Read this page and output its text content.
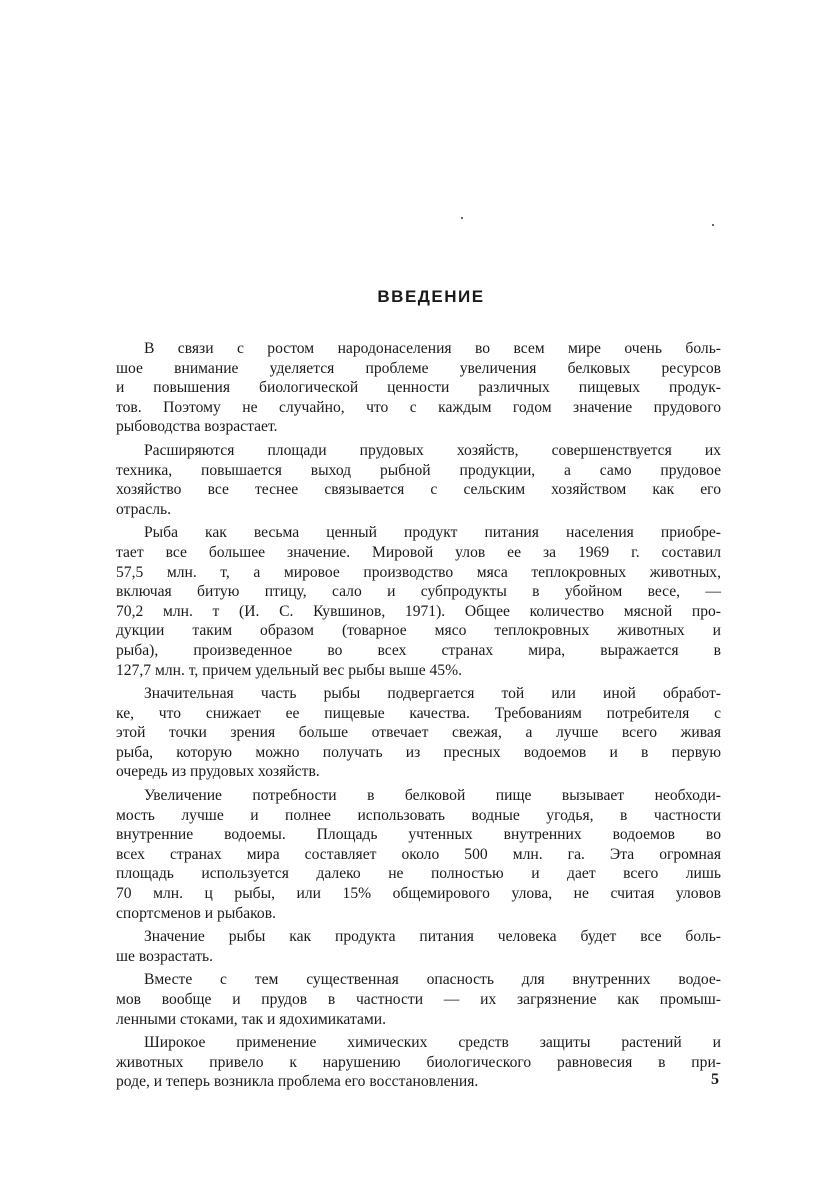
ВВЕДЕНИЕ

В связи с ростом народонаселения во всем мире очень боль-
шое внимание уделяется проблеме увеличения белковых ресурсов
и повышения биологической ценности различных пищевых продук-
тов. Поэтому не случайно, что с каждым годом значение прудового
рыбоводства возрастает.

Расширяются площади прудовых хозяйств, совершенствуется их
техника, повышается выход рыбной продукции, а само прудовое
хозяйство все теснее связывается с сельским хозяйством как его
отрасль.

Рыба как весьма ценный продукт питания населения приобре-
тает все большее значение. Мировой улов ее за 1969 г. составил
57,5 млн. т, а мировое производство мяса теплокровных животных,
включая битую птицу, сало и субпродукты в убойном весе, —
70,2 млн. т (И. С. Кувшинов, 1971). Общее количество мясной про-
дукции таким образом (товарное мясо теплокровных животных и
рыба), произведенное во всех странах мира, выражается в
127,7 млн. т, причем удельный вес рыбы выше 45%.

Значительная часть рыбы подвергается той или иной обработ-
ке, что снижает ее пищевые качества. Требованиям потребителя с
этой точки зрения больше отвечает свежая, а лучше всего живая
рыба, которую можно получать из пресных водоемов и в первую
очередь из прудовых хозяйств.

Увеличение потребности в белковой пище вызывает необходи-
мость лучше и полнее использовать водные угодья, в частности
внутренние водоемы. Площадь учтенных внутренних водоемов во
всех странах мира составляет около 500 млн. га. Эта огромная
площадь используется далеко не полностью и дает всего лишь
70 млн. ц рыбы, или 15% общемирового улова, не считая уловов
спортсменов и рыбаков.

Значение рыбы как продукта питания человека будет все боль-
ше возрастать.

Вместе с тем существенная опасность для внутренних водое-
мов вообще и прудов в частности — их загрязнение как промыш-
ленными стоками, так и ядохимикатами.

Широкое применение химических средств защиты растений и
животных привело к нарушению биологического равновесия в при-
роде, и теперь возникла проблема его восстановления.	5
